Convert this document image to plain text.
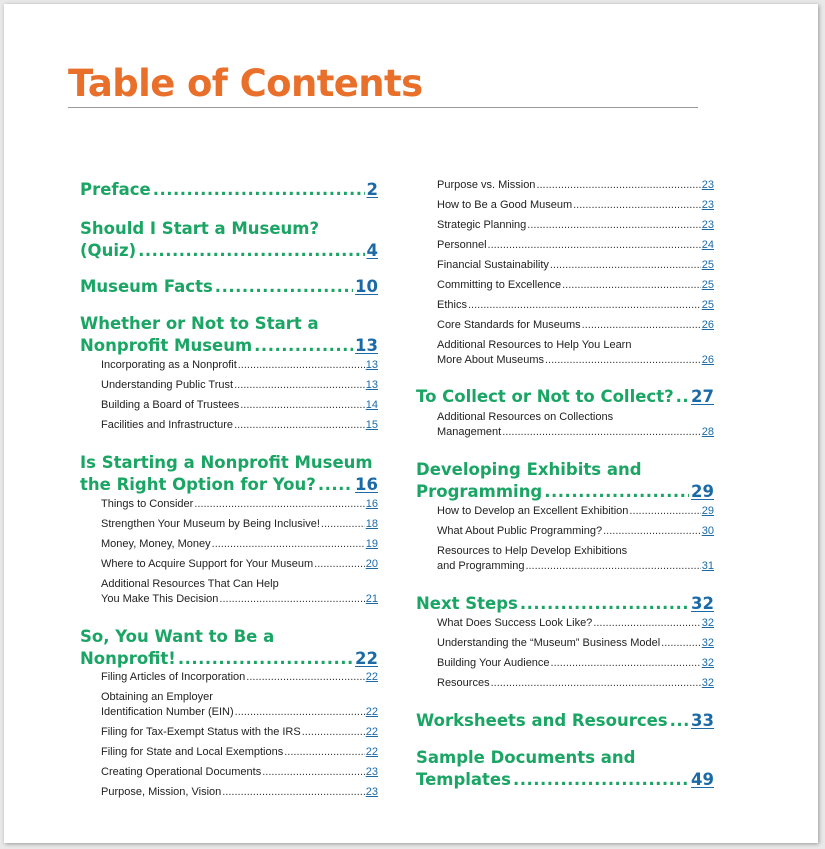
Table of Contents
Preface .....	2
Should I Start a Museum?
(Quiz) .....	4
Museum Facts .....	10
Whether or Not to Start a
Nonprofit Museum .....	13
Incorporating as a Nonprofit .....	13
Understanding Public Trust .....	13
Building a Board of Trustees .....	14
Facilities and Infrastructure .....	15
Is Starting a Nonprofit Museum
the Right Option for You? ..... 16
Things to Consider .....	16
Strengthen Your Museum by Being Inclusive! .....	18
Money, Money, Money .....	19
Where to Acquire Support for Your Museum .....	20
Additional Resources That Can Help
You Make This Decision .....	21
So, You Want to Be a
Nonprofit! .....	22
Filing Articles of Incorporation .....	22
Obtaining an Employer
Identification Number (EIN) .....	22
Filing for Tax-Exempt Status with the IRS .....	22
Filing for State and Local Exemptions .....	22
Creating Operational Documents .....	23
Purpose, Mission, Vision .....	23
Purpose vs. Mission .....	23
How to Be a Good Museum .....	23
Strategic Planning .....	23
Personnel .....	24
Financial Sustainability .....	25
Committing to Excellence .....	25
Ethics .....	25
Core Standards for Museums .....	26
Additional Resources to Help You Learn
More About Museums .....	26
To Collect or Not to Collect? ..... 27
Additional Resources on Collections
Management .....	28
Developing Exhibits and
Programming .....	29
How to Develop an Excellent Exhibition .....	29
What About Public Programming? .....	30
Resources to Help Develop Exhibitions
and Programming .....	31
Next Steps .....	32
What Does Success Look Like? .....	32
Understanding the “Museum” Business Model .....	32
Building Your Audience .....	32
Resources .....	32
Worksheets and Resources ..... 33
Sample Documents and
Templates .....	49
